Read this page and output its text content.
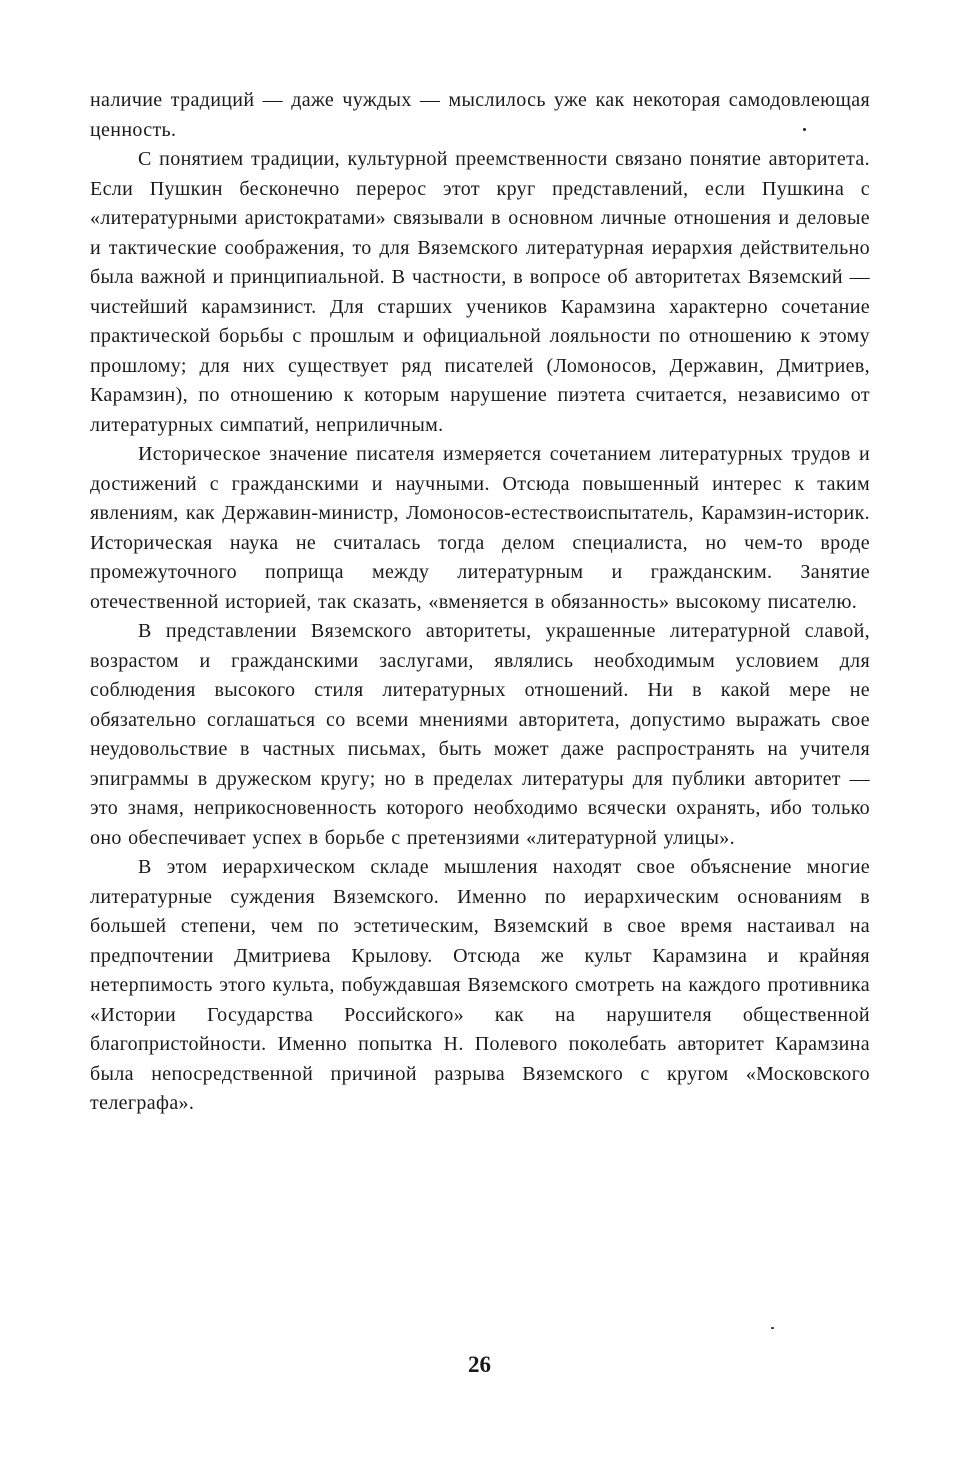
наличие традиций — даже чуждых — мыслилось уже как некоторая самодовлеющая ценность.

С понятием традиции, культурной преемственности связано понятие авторитета. Если Пушкин бесконечно перерос этот круг представлений, если Пушкина с «литературными аристократами» связывали в основном личные отношения и деловые и тактические соображения, то для Вяземского литературная иерархия действительно была важной и принципиальной. В частности, в вопросе об авторитетах Вяземский — чистейший карамзинист. Для старших учеников Карамзина характерно сочетание практической борьбы с прошлым и официальной лояльности по отношению к этому прошлому; для них существует ряд писателей (Ломоносов, Державин, Дмитриев, Карамзин), по отношению к которым нарушение пиэтета считается, независимо от литературных симпатий, неприличным.

Историческое значение писателя измеряется сочетанием литературных трудов и достижений с гражданскими и научными. Отсюда повышенный интерес к таким явлениям, как Державин-министр, Ломоносов-естествоиспытатель, Карамзин-историк. Историческая наука не считалась тогда делом специалиста, но чем-то вроде промежуточного поприща между литературным и гражданским. Занятие отечественной историей, так сказать, «вменяется в обязанность» высокому писателю.

В представлении Вяземского авторитеты, украшенные литературной славой, возрастом и гражданскими заслугами, являлись необходимым условием для соблюдения высокого стиля литературных отношений. Ни в какой мере не обязательно соглашаться со всеми мнениями авторитета, допустимо выражать свое неудовольствие в частных письмах, быть может даже распространять на учителя эпиграммы в дружеском кругу; но в пределах литературы для публики авторитет — это знамя, неприкосновенность которого необходимо всячески охранять, ибо только оно обеспечивает успех в борьбе с претензиями «литературной улицы».

В этом иерархическом складе мышления находят свое объяснение многие литературные суждения Вяземского. Именно по иерархическим основаниям в большей степени, чем по эстетическим, Вяземский в свое время настаивал на предпочтении Дмитриева Крылову. Отсюда же культ Карамзина и крайняя нетерпимость этого культа, побуждавшая Вяземского смотреть на каждого противника «Истории Государства Российского» как на нарушителя общественной благопристойности. Именно попытка Н. Полевого поколебать авторитет Карамзина была непосредственной причиной разрыва Вяземского с кругом «Московского телеграфа».

26
